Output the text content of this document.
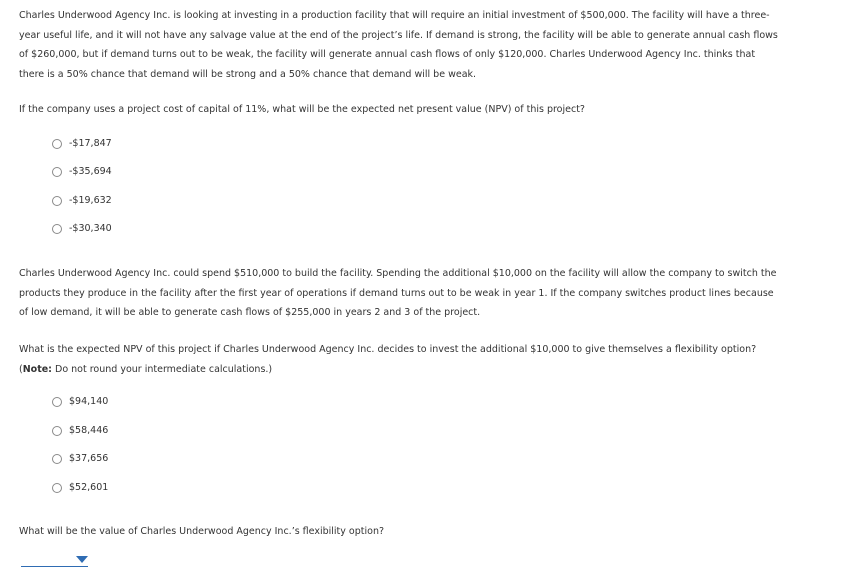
Charles Underwood Agency Inc. is looking at investing in a production facility that will require an initial investment of $500,000. The facility will have a three-year useful life, and it will not have any salvage value at the end of the project’s life. If demand is strong, the facility will be able to generate annual cash flows of $260,000, but if demand turns out to be weak, the facility will generate annual cash flows of only $120,000. Charles Underwood Agency Inc. thinks that there is a 50% chance that demand will be strong and a 50% chance that demand will be weak.

If the company uses a project cost of capital of 11%, what will be the expected net present value (NPV) of this project?

-$17,847
-$35,694
-$19,632
-$30,340

Charles Underwood Agency Inc. could spend $510,000 to build the facility. Spending the additional $10,000 on the facility will allow the company to switch the products they produce in the facility after the first year of operations if demand turns out to be weak in year 1. If the company switches product lines because of low demand, it will be able to generate cash flows of $255,000 in years 2 and 3 of the project.

What is the expected NPV of this project if Charles Underwood Agency Inc. decides to invest the additional $10,000 to give themselves a flexibility option? (Note: Do not round your intermediate calculations.)

$94,140
$58,446
$37,656
$52,601

What will be the value of Charles Underwood Agency Inc.’s flexibility option?
